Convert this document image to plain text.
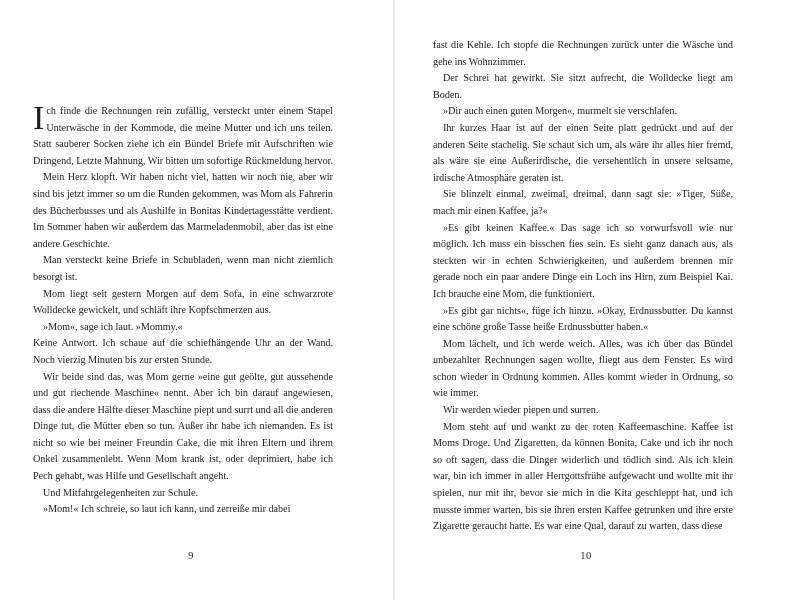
Ich finde die Rechnungen rein zufällig, versteckt unter einem Stapel Unterwäsche in der Kommode, die meine Mutter und ich uns teilen. Statt sauberer Socken ziehe ich ein Bündel Briefe mit Aufschriften wie Dringend, Letzte Mahnung, Wir bitten um sofortige Rückmeldung hervor.

Mein Herz klopft. Wir haben nicht viel, hatten wir noch nie, aber wir sind bis jetzt immer so um die Runden gekommen, was Mom als Fahrerin des Bücherbusses und als Aushilfe in Bonitas Kindertagesstätte verdient. Im Sommer haben wir außerdem das Marmeladenmobil, aber das ist eine andere Geschichte.

Man versteckt keine Briefe in Schubladen, wenn man nicht ziemlich besorgt ist.

Mom liegt seit gestern Morgen auf dem Sofa, in eine schwarzrote Wolldecke gewickelt, und schläft ihre Kopfschmerzen aus.

»Mom«, sage ich laut. »Mommy.«

Keine Antwort. Ich schaue auf die schiefhängende Uhr an der Wand. Noch vierzig Minuten bis zur ersten Stunde.

Wir beide sind das, was Mom gerne »eine gut geölte, gut aussehende und gut riechende Maschine« nennt. Aber ich bin darauf angewiesen, dass die andere Hälfte dieser Maschine piept und surrt und all die anderen Dinge tut, die Mütter eben so tun. Außer ihr habe ich niemanden. Es ist nicht so wie bei meiner Freundin Cake, die mit ihren Eltern und ihrem Onkel zusammenlebt. Wenn Mom krank ist, oder deprimiert, habe ich Pech gehabt, was Hilfe und Gesellschaft angeht.

Und Mitfahrgelegenheiten zur Schule.

»Mom!« Ich schreie, so laut ich kann, und zerreiße mir dabei

9

fast die Kehle. Ich stopfe die Rechnungen zurück unter die Wäsche und gehe ins Wohnzimmer.

Der Schrei hat gewirkt. Sie sitzt aufrecht, die Wolldecke liegt am Boden.

»Dir auch einen guten Morgen«, murmelt sie verschlafen.

Ihr kurzes Haar ist auf der einen Seite platt gedrückt und auf der anderen Seite stachelig. Sie schaut sich um, als wäre ihr alles hier fremd, als wäre sie eine Außerirdische, die versehentlich in unsere seltsame, irdische Atmosphäre geraten ist.

Sie blinzelt einmal, zweimal, dreimal, dann sagt sie: »Tiger, Süße, mach mir einen Kaffee, ja?«

»Es gibt keinen Kaffee.« Das sage ich so vorwurfsvoll wie nur möglich. Ich muss ein bisschen fies sein. Es sieht ganz danach aus, als steckten wir in echten Schwierigkeiten, und außerdem brennen mir gerade noch ein paar andere Dinge ein Loch ins Hirn, zum Beispiel Kai. Ich brauche eine Mom, die funktioniert.

»Es gibt gar nichts«, füge ich hinzu. »Okay, Erdnussbutter. Du kannst eine schöne große Tasse heiße Erdnussbutter haben.«

Mom lächelt, und ich werde weich. Alles, was ich über das Bündel unbezahlter Rechnungen sagen wollte, fliegt aus dem Fenster. Es wird schon wieder in Ordnung kommen. Alles kommt wieder in Ordnung, so wie immer.

Wir werden wieder piepen und surren.

Mom steht auf und wankt zu der roten Kaffeemaschine. Kaffee ist Moms Droge. Und Zigaretten, da können Bonita, Cake und ich ihr noch so oft sagen, dass die Dinger widerlich und tödlich sind. Als ich klein war, bin ich immer in aller Herrgottsfrühe aufgewacht und wollte mit ihr spielen, nur mit ihr, bevor sie mich in die Kita geschleppt hat, und ich musste immer warten, bis sie ihren ersten Kaffee getrunken und ihre erste Zigarette geraucht hatte. Es war eine Qual, darauf zu warten, dass diese

10
